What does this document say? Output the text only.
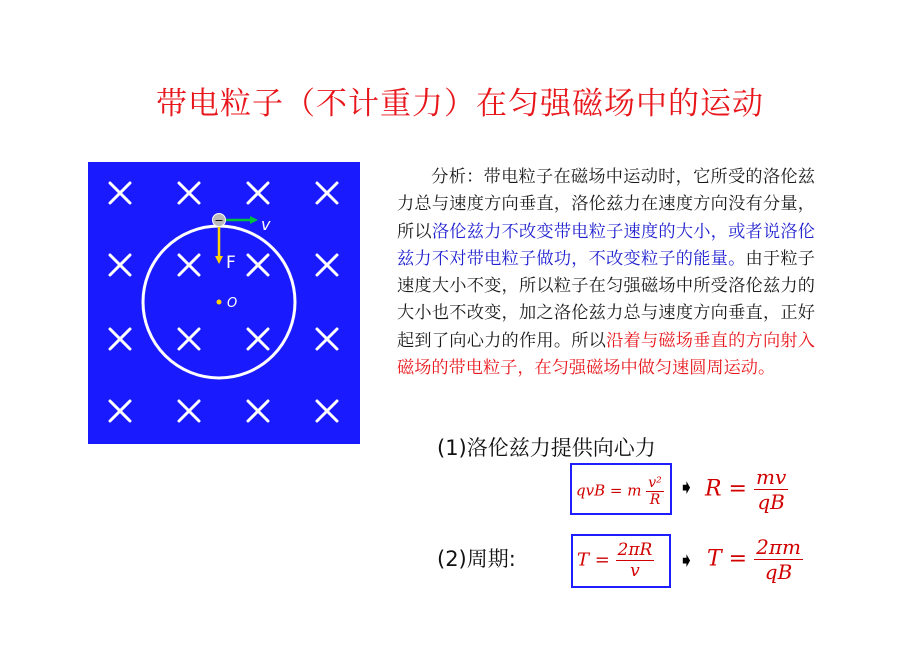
带电粒子（不计重力）在匀强磁场中的运动
v
F
−
O
分析：带电粒子在磁场中运动时，它所受的洛伦兹力总与速度方向垂直，洛伦兹力在速度方向没有分量，所以洛伦兹力不改变带电粒子速度的大小，或者说洛伦兹力不对带电粒子做功，不改变粒子的能量。由于粒子速度大小不变，所以粒子在匀强磁场中所受洛伦兹力的大小也不改变，加之洛伦兹力总与速度方向垂直，正好起到了向心力的作用。所以沿着与磁场垂直的方向射入磁场的带电粒子，在匀强磁场中做匀速圆周运动。
(1)洛伦兹力提供向心力
qvB = m $\frac{\text{v²}}{R}$ ➧ $R = \frac{mv}{qB}$
(2)周期:	$T = \frac{2\pi R}{v}$ ➧ $T = \frac{2\pi m}{qB}$
